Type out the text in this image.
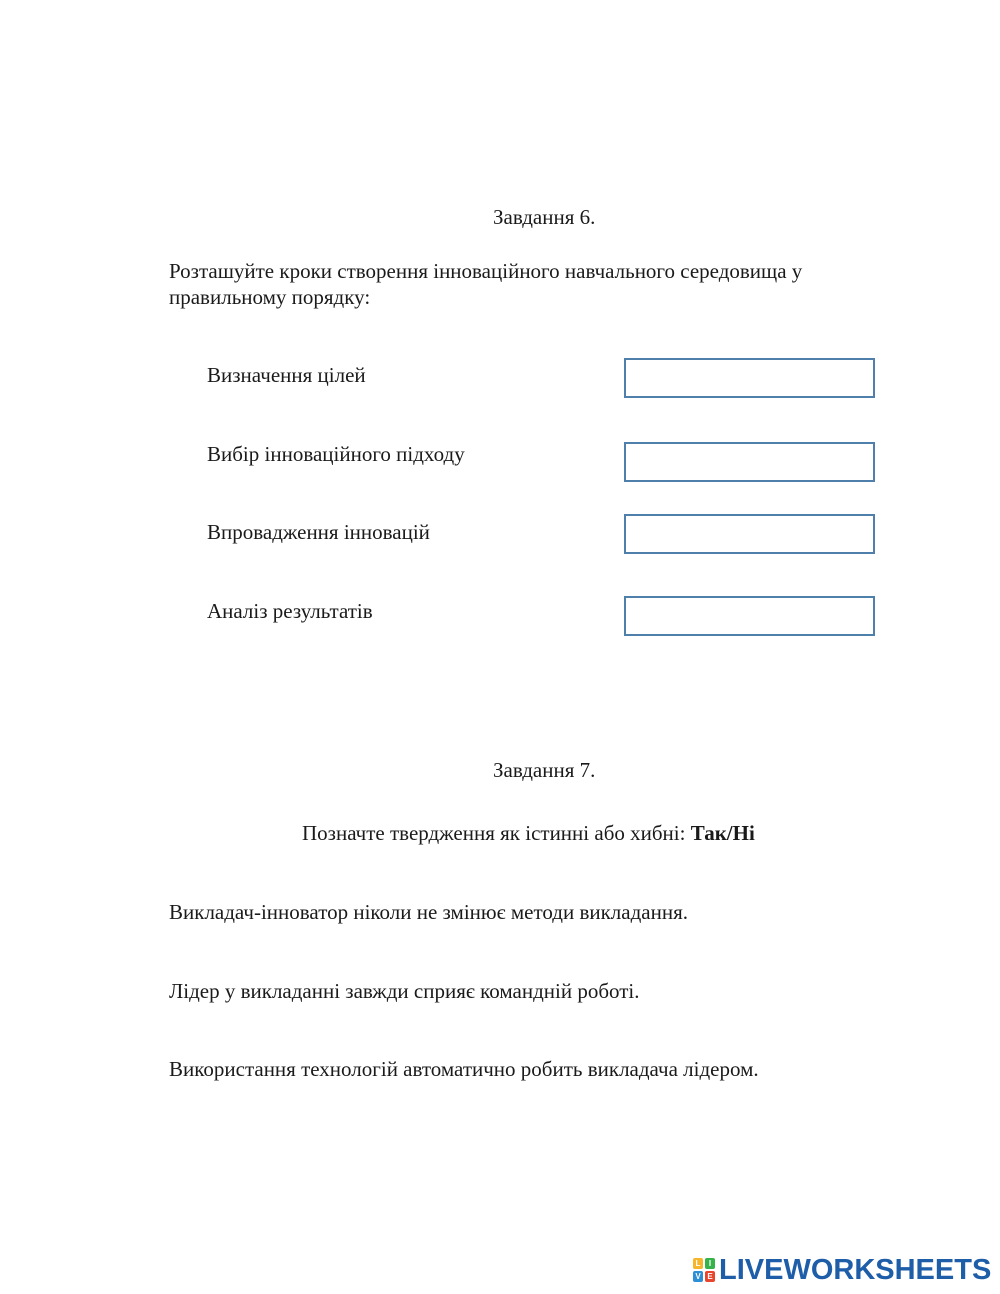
Завдання 6.
Розташуйте кроки створення інноваційного навчального середовища у
правильному порядку:
Визначення цілей
Вибір інноваційного підходу
Впровадження інновацій
Аналіз результатів
Завдання 7.
Позначте твердження як істинні або хибні: Так/Ні
Викладач-інноватор ніколи не змінює методи викладання.
Лідер у викладанні завжди сприяє командній роботі.
Використання технологій автоматично робить викладача лідером.
L	I
V E LIVEWORKSHEETS
